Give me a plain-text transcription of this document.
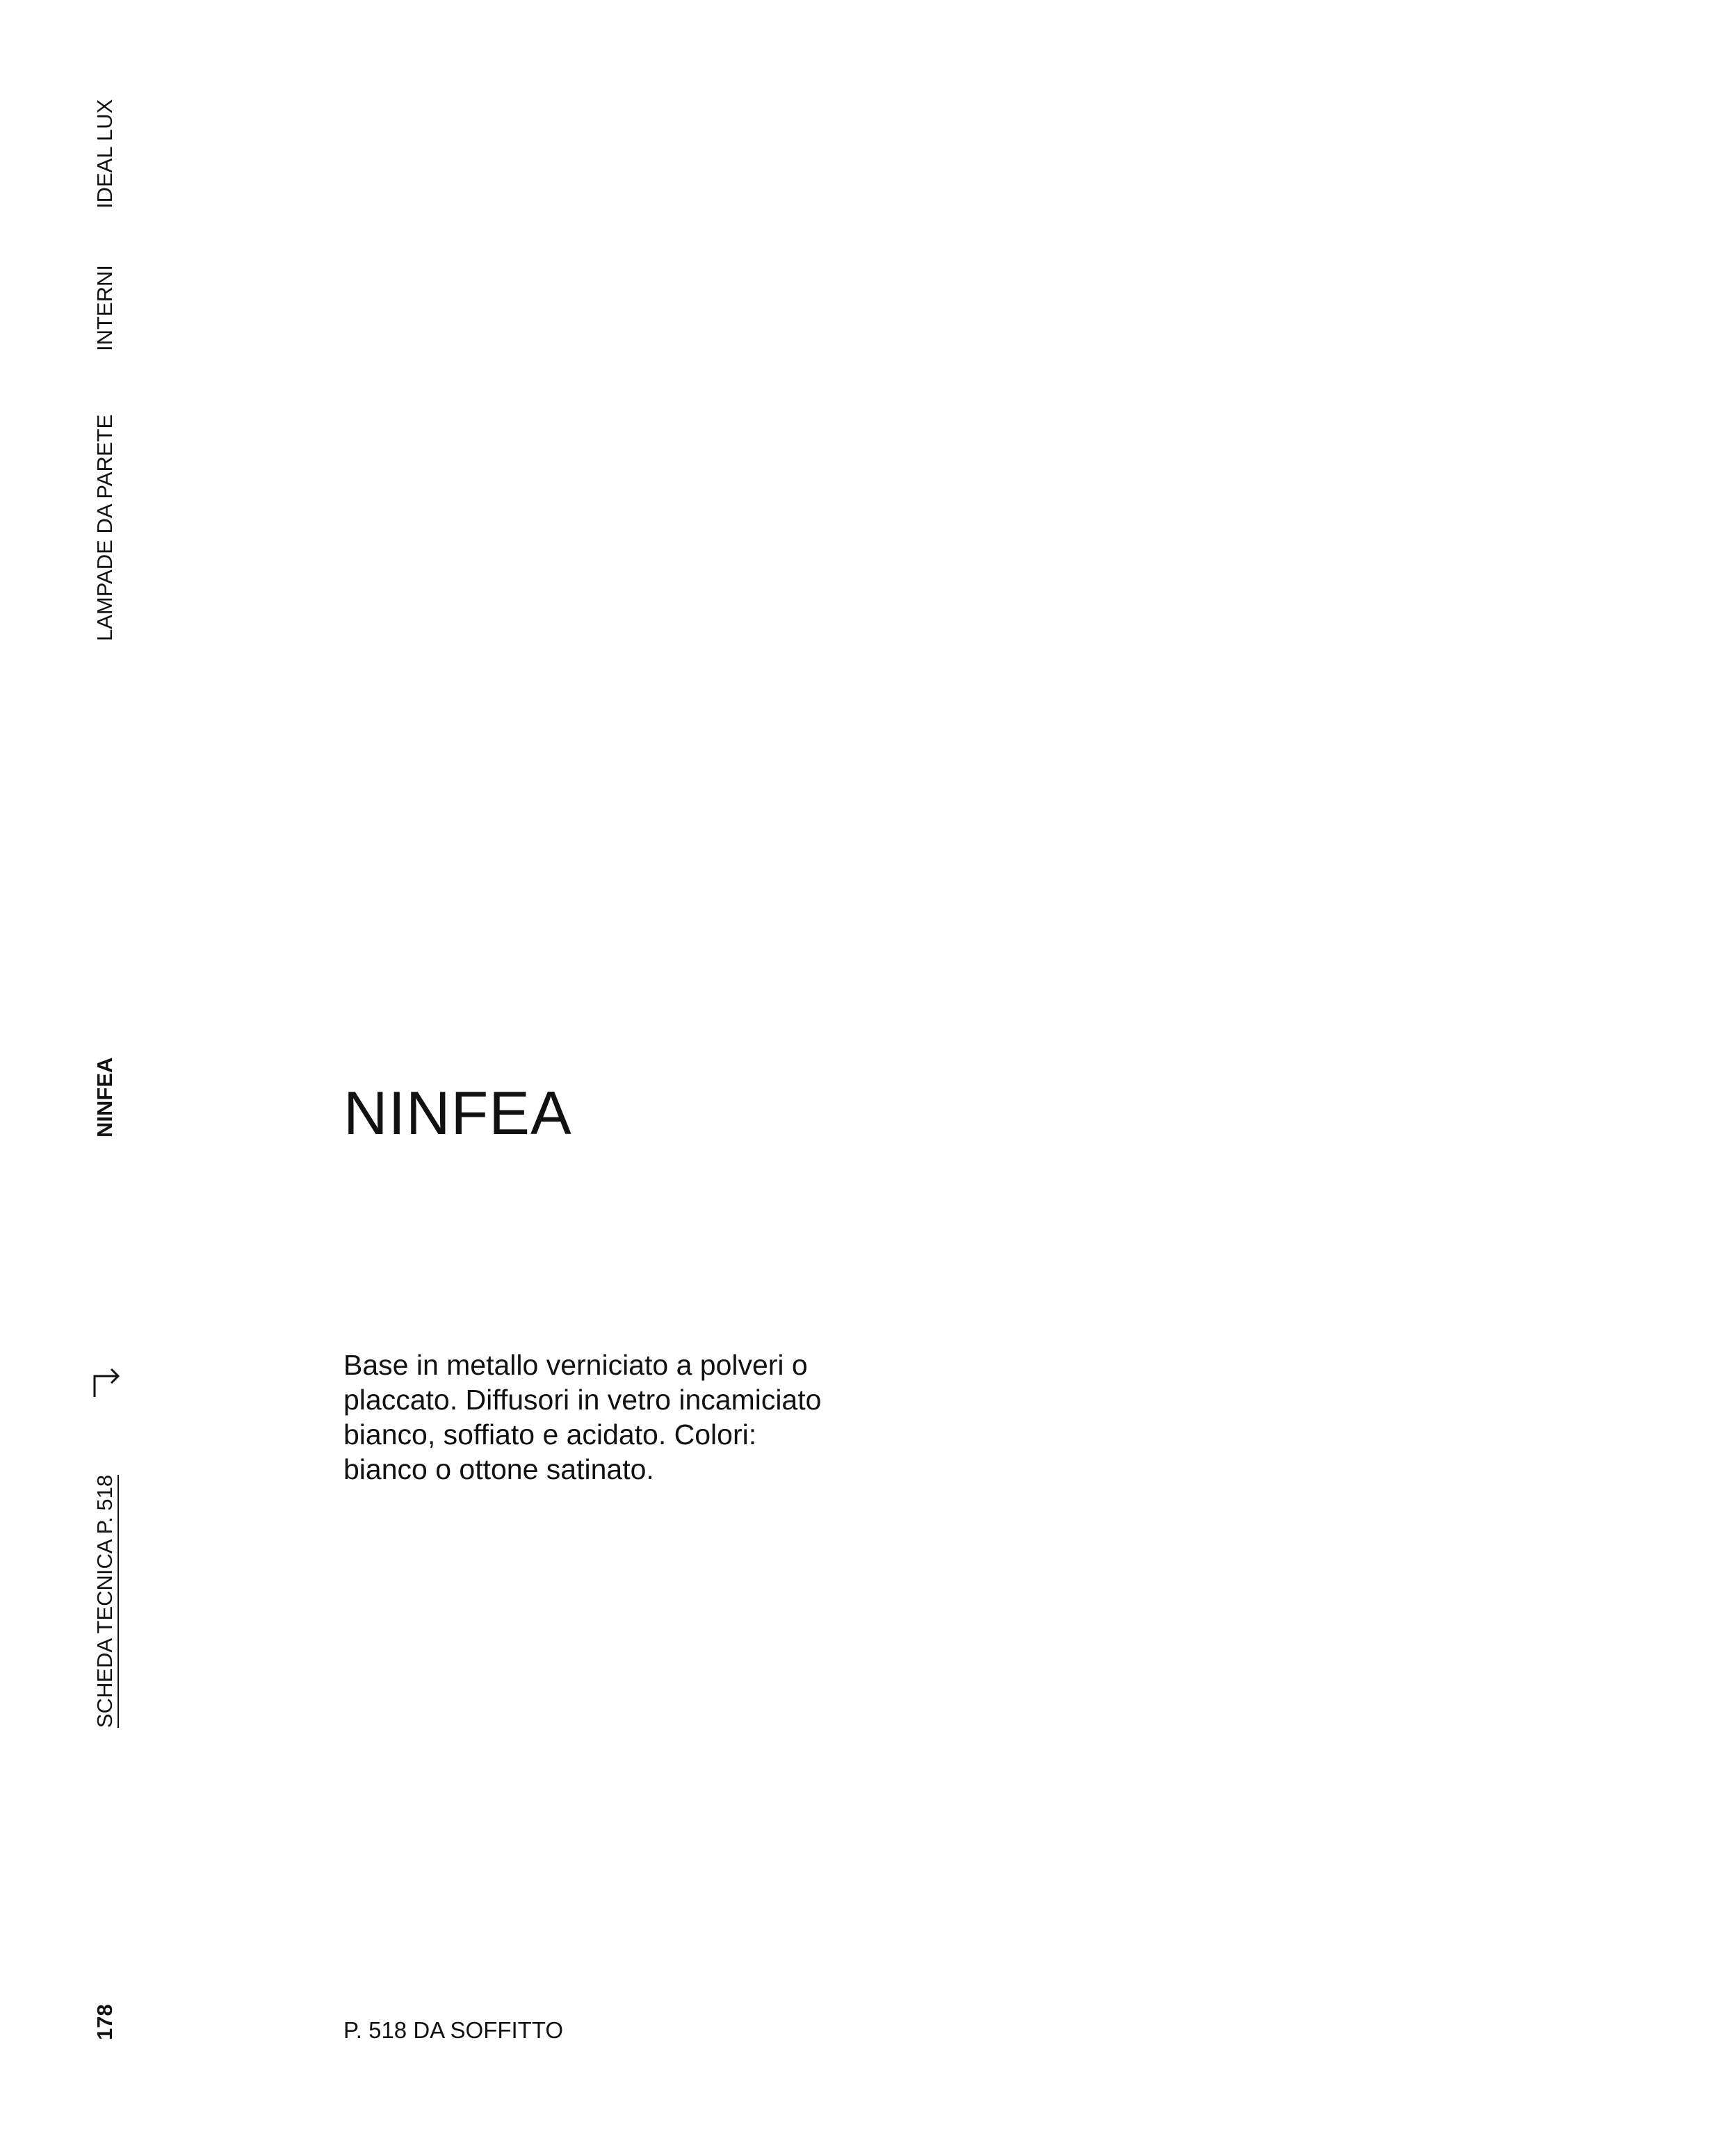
IDEAL LUX
INTERNI
LAMPADE DA PARETE
NINFEA
SCHEDA TECNICA P. 518
178
NINFEA

Base in metallo verniciato a polveri o placcato. Diffusori in vetro incamiciato bianco, soffiato e acidato. Colori: bianco o ottone satinato.

P. 518 DA SOFFITTO
